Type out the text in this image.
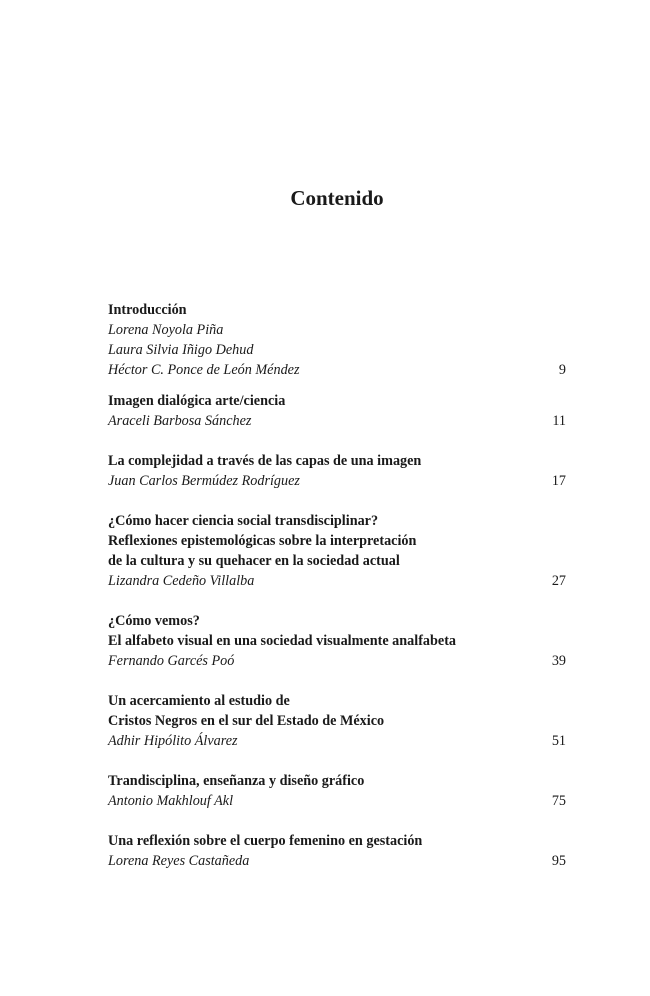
Contenido
Introducción
Lorena Noyola Piña
Laura Silvia Iñigo Dehud
Héctor C. Ponce de León Méndez	9
Imagen dialógica arte/ciencia
Araceli Barbosa Sánchez	11
La complejidad a través de las capas de una imagen
Juan Carlos Bermúdez Rodríguez	17
¿Cómo hacer ciencia social transdisciplinar?
Reflexiones epistemológicas sobre la interpretación
de la cultura y su quehacer en la sociedad actual
Lizandra Cedeño Villalba	27
¿Cómo vemos?
El alfabeto visual en una sociedad visualmente analfabeta
Fernando Garcés Poó	39
Un acercamiento al estudio de
Cristos Negros en el sur del Estado de México
Adhir Hipólito Álvarez	51
Trandisciplina, enseñanza y diseño gráfico
Antonio Makhlouf Akl	75
Una reflexión sobre el cuerpo femenino en gestación
Lorena Reyes Castañeda	95
